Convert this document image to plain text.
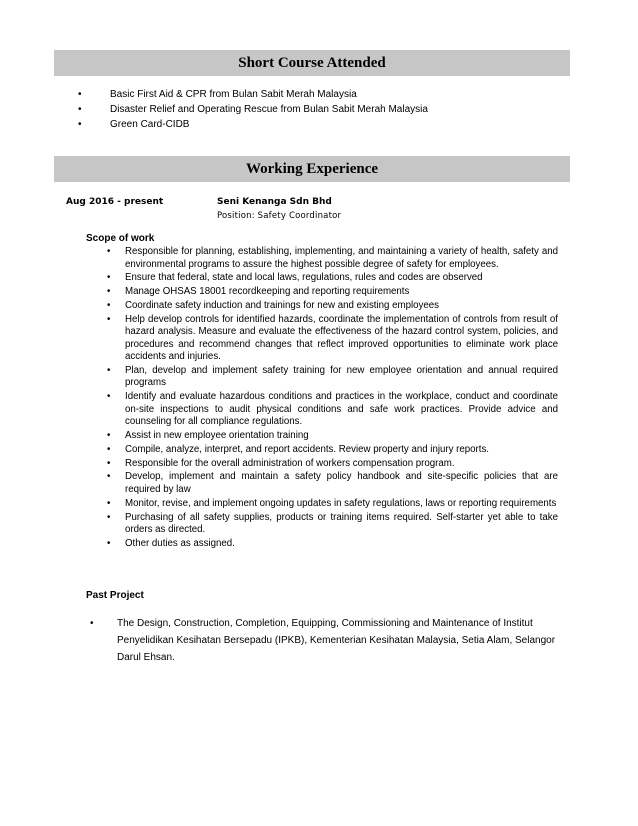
Short Course Attended
• Basic First Aid & CPR from Bulan Sabit Merah Malaysia
• Disaster Relief and Operating Rescue from Bulan Sabit Merah Malaysia
• Green Card-CIDB
Working Experience
Aug 2016 - present	Seni Kenanga Sdn Bhd
Position: Safety Coordinator
Scope of work
• Responsible for planning, establishing, implementing, and maintaining a variety of health, safety and environmental programs to assure the highest possible degree of safety for employees.
• Ensure that federal, state and local laws, regulations, rules and codes are observed
• Manage OHSAS 18001 recordkeeping and reporting requirements
• Coordinate safety induction and trainings for new and existing employees
• Help develop controls for identified hazards, coordinate the implementation of controls from result of hazard analysis. Measure and evaluate the effectiveness of the hazard control system, policies, and procedures and recommend changes that reflect improved opportunities to eliminate work place accidents and injuries.
• Plan, develop and implement safety training for new employee orientation and annual required programs
• Identify and evaluate hazardous conditions and practices in the workplace, conduct and coordinate on-site inspections to audit physical conditions and safe work practices. Provide advice and counseling for all compliance regulations.
• Assist in new employee orientation training
• Compile, analyze, interpret, and report accidents. Review property and injury reports.
• Responsible for the overall administration of workers compensation program.
• Develop, implement and maintain a safety policy handbook and site-specific policies that are required by law
• Monitor, revise, and implement ongoing updates in safety regulations, laws or reporting requirements
• Purchasing of all safety supplies, products or training items required. Self-starter yet able to take orders as directed.
• Other duties as assigned.
Past Project
• The Design, Construction, Completion, Equipping, Commissioning and Maintenance of Institut Penyelidikan Kesihatan Bersepadu (IPKB), Kementerian Kesihatan Malaysia, Setia Alam, Selangor Darul Ehsan.
